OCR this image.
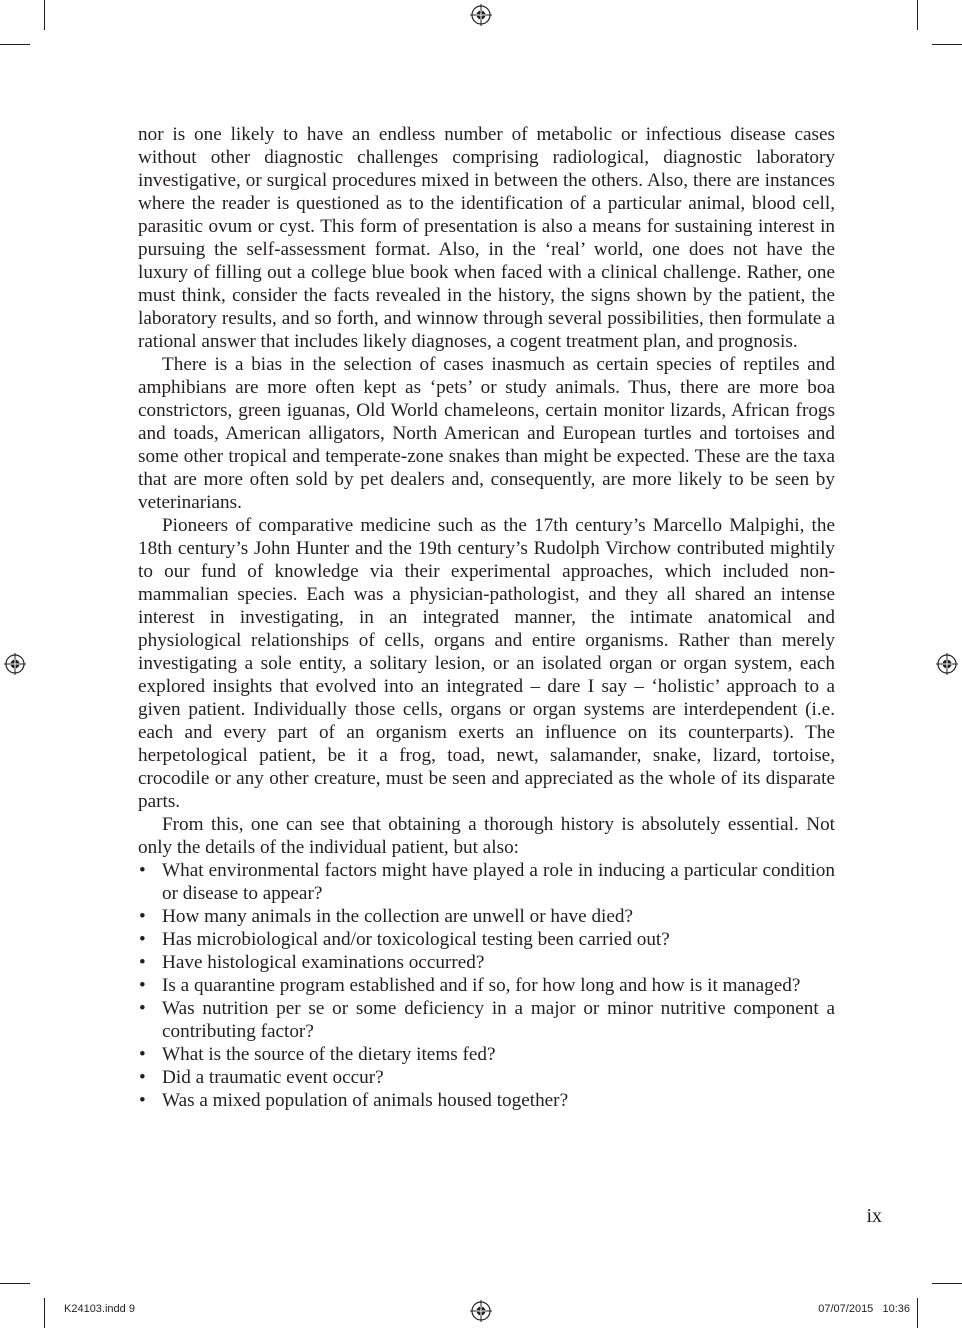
nor is one likely to have an endless number of metabolic or infectious disease cases without other diagnostic challenges comprising radiological, diagnostic laboratory investigative, or surgical procedures mixed in between the others. Also, there are instances where the reader is questioned as to the identification of a particular animal, blood cell, parasitic ovum or cyst. This form of presentation is also a means for sustaining interest in pursuing the self-assessment format. Also, in the ‘real’ world, one does not have the luxury of filling out a college blue book when faced with a clinical challenge. Rather, one must think, consider the facts revealed in the history, the signs shown by the patient, the laboratory results, and so forth, and winnow through several possibilities, then formulate a rational answer that includes likely diagnoses, a cogent treatment plan, and prognosis.

There is a bias in the selection of cases inasmuch as certain species of reptiles and amphibians are more often kept as ‘pets’ or study animals. Thus, there are more boa constrictors, green iguanas, Old World chameleons, certain monitor lizards, African frogs and toads, American alligators, North American and European turtles and tortoises and some other tropical and temperate-zone snakes than might be expected. These are the taxa that are more often sold by pet dealers and, consequently, are more likely to be seen by veterinarians.

Pioneers of comparative medicine such as the 17th century’s Marcello Malpighi, the 18th century’s John Hunter and the 19th century’s Rudolph Virchow contributed mightily to our fund of knowledge via their experimental approaches, which included non-mammalian species. Each was a physician-pathologist, and they all shared an intense interest in investigating, in an integrated manner, the intimate anatomical and physiological relationships of cells, organs and entire organisms. Rather than merely investigating a sole entity, a solitary lesion, or an isolated organ or organ system, each explored insights that evolved into an integrated – dare I say – ‘holistic’ approach to a given patient. Individually those cells, organs or organ systems are interdependent (i.e. each and every part of an organism exerts an influence on its counterparts). The herpetological patient, be it a frog, toad, newt, salamander, snake, lizard, tortoise, crocodile or any other creature, must be seen and appreciated as the whole of its disparate parts.

From this, one can see that obtaining a thorough history is absolutely essential. Not only the details of the individual patient, but also:

• What environmental factors might have played a role in inducing a particular condition or disease to appear?
• How many animals in the collection are unwell or have died?
• Has microbiological and/or toxicological testing been carried out?
• Have histological examinations occurred?
• Is a quarantine program established and if so, for how long and how is it managed?
• Was nutrition per se or some deficiency in a major or minor nutritive component a contributing factor?
• What is the source of the dietary items fed?
• Did a traumatic event occur?
• Was a mixed population of animals housed together?
ix
K24103.indd 9	07/07/2015   10:36
